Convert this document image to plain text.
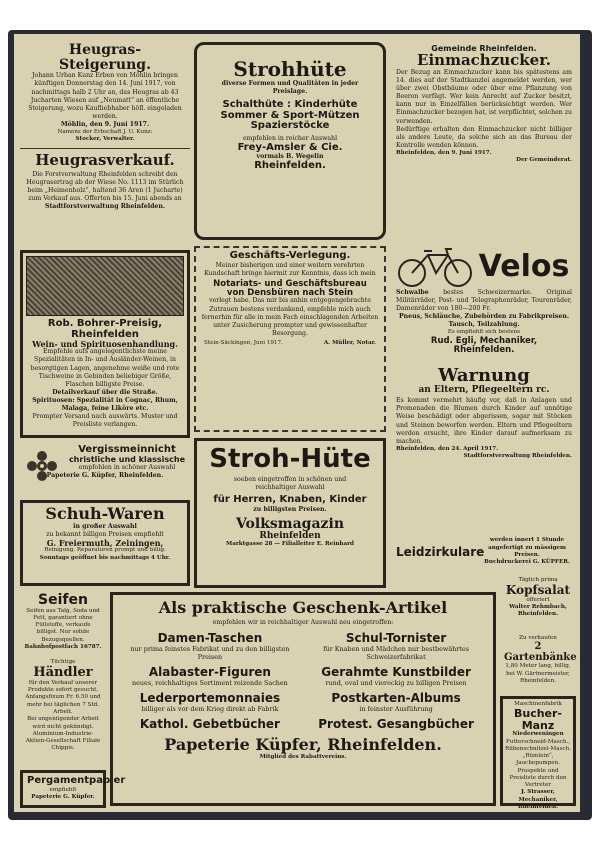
Heugras-Steigerung.
Johann Urban Kunz Erben von Möhlin bringen künftigen Donnerstag den 14. Juni 1917, von nachmittags halb 2 Uhr an, das Heugras ab 43 Jucharten Wiesen auf „Neumatt“ an öffentliche Steigerung, wozu Kaufliebhaber höfl. eingeladen werden.
Möhlin, den 9. Juni 1917.
Namens der Erbschaft J. U. Kunz:
Stocker, Verwalter.
Heugrasverkauf.
Die Forstverwaltung Rheinfelden schreibt den Heugrasertrag ab der Wiese No. 1113 im Stürlich beim „Heimenholz“, haltend 36 Aren (1 Jucharte) zum Verkauf aus. Offerten bis 15. Juni abends an
Stadtforstverwaltung Rheinfelden.
Rob. Bohrer-Preisig, Rheinfelden
Wein- und Spirituosenhandlung.
Empfehle aufs angelegentlichste meine Spezialitäten in In- und Ausländer-Weinen, in besorgtigen Lagen, angenehme weiße und rote Tischweine in Gebinden beliebiger Größe, Flaschen billigste Preise.
Detailverkauf über die Straße.
Spirituosen: Spezialität in Cognac, Rhum, Malaga, feine Liköre etc.
Prompter Versand nach auswärts. Muster und Preisliste verlangen.
Vergissmeinnicht
christliche und klassische
empfohlen in schöner Auswahl
Papeterie G. Küpfer, Rheinfelden.
Schuh-Waren
in großer Auswahl
zu bekannt billigen Preisen empfiehlt
G. Freiermuth, Zeiningen,
Reinigung. Reparaturen prompt und billig.
Sonntags geöffnet bis nachmittags 4 Uhr.
Seifen
Seifen aus Talg, Soda und Fett, garantiert ohne Füllstoffe, verkaufe billigst. Nur solide Bezugsquellen.
Bahnhofpostfach 16787.
Tüchtige
Händler
für den Verkauf unserer Produkte sofort gesucht. Anfangsfixum Fr. 6.50 und mehr bei täglichen 7 Std. Arbeit.
Bei ungenügender Arbeit wird nicht gekündigt. Aluminium-Industrie-Aktien-Gesellschaft Filiale Chippis.
Pergamentpapier
empfiehlt
Papeterie G. Küpfer.
Strohhüte
diverse Formen und Qualitäten in jeder Preislage.
Schalthüte : Kinderhüte
Sommer & Sport-Mützen
Spazierstöcke
empfehlen in reicher Auswahl
Frey-Amsler & Cie.
vormals B. Wegelin
Rheinfelden.
Geschäfts-Verlegung.
Meiner bisherigen und einer weitern verehrten Kundschaft bringe hiermit zur Kenntnis, dass ich mein
Notariats- und Geschäftsbureau
von Densbüren nach Stein
verlegt habe. Das mir bis anhin entgegengebrachte Zutrauen bestens verdankend, empfehle mich auch fernerhin für alle in mein Fach einschlagenden Arbeiten unter Zusicherung prompter und gewissenhafter Besorgung.
Stein-Säckingen, Juni 1917.	A. Müller, Notar.
Stroh-Hüte
soeben eingetroffen in schönen und reichhaltiger Auswahl
für Herren, Knaben, Kinder
zu billigsten Preisen.
Volksmagazin
Rheinfelden
Marktgasse 28 — Filialleiter E. Reinhard
Gemeinde Rheinfelden.
Einmachzucker.
Der Bezug an Einmachzucker kann bis spätestens am 14. dies auf der Stadtkanzlei angemeldet werden, wer über zwei Obstbäume oder über eine Pflanzung von Beeren verfügt. Wer kein Anrecht auf Zucker besitzt, kann nur in Einzelfällen berücksichtigt werden. Wer Einmachzucker bezogen hat, ist verpflichtet, solchen zu verwenden.
Bedürftige erhalten den Einmachzucker nicht billiger als andere Leute, da solche sich an das Bureau der Kontrolle wenden können.
Rheinfelden, den 9. Juni 1917.
Der Gemeinderat.
Velos
Schwalbe bestes Schweizermarke. Original Militärräder, Post- und Telegraphenräder, Tourenräder, Damenräder von 180—200 Fr.
Pneus, Schläuche, Zubehörden zu Fabrikpreisen. Tausch, Teilzahlung.
Es empfiehlt sich bestens
Rud. Egli, Mechaniker,
Rheinfelden.
Warnung
an Eltern, Pflegeeltern rc.
Es kommt vermehrt häufig vor, daß in Anlagen und Promenaden die Blumen durch Kinder auf unnötige Weise beschädigt oder abgerissen, sogar mit Stöcken und Steinen beworfen werden. Eltern und Pflegeeltern werden ersucht, ihre Kinder darauf aufmerksam zu machen.
Rheinfelden, den 24. April 1917.
Stadtforstverwaltung Rheinfelden.
Leidzirkulare
werden innert 1 Stunde angefertigt zu mässigem Preisen.
Buchdruckerei G. KÜPFER.
Als praktische Geschenk-Artikel
empfehlen wir in reichhaltiger Auswahl neu eingetroffen:
Damen-Taschen
nur prima feinstes Fabrikat und zu den billigsten Preisen
Schul-Tornister
für Knaben und Mädchen nur bestbewährtes Schweizerfabrikat
Alabaster-Figuren
neues, reichhaltiges Sortiment reizende Sachen
Gerahmte Kunstbilder
rund, oval und viereckig zu billigen Preisen
Lederportemonnaies
billiger als vor dem Krieg direkt ab Fabrik
Postkarten-Albums
in feinster Ausführung
Kathol. Gebetbücher	Protest. Gesangbücher
Papeterie Küpfer, Rheinfelden.
Mitglied des Rabattvereins.
Täglich prima
Kopfsalat
offeriert
Walter Rehmbach, Rheinfelden.
Zu verkaufen
2 Gartenbänke
1,80 Meter lang, billig, bei W. Gärtnermeister, Rheinfelden.
Maschinenfabrik
Bucher-Manz
Niederweningen
Futterschneid-Masch., Rübenschnitzel-Masch. „Rümlein“, Jauchepumpen.
Prospekte und Preisliste durch den Vertreter
J. Strasser, Mechaniker, Rheinfelden.
